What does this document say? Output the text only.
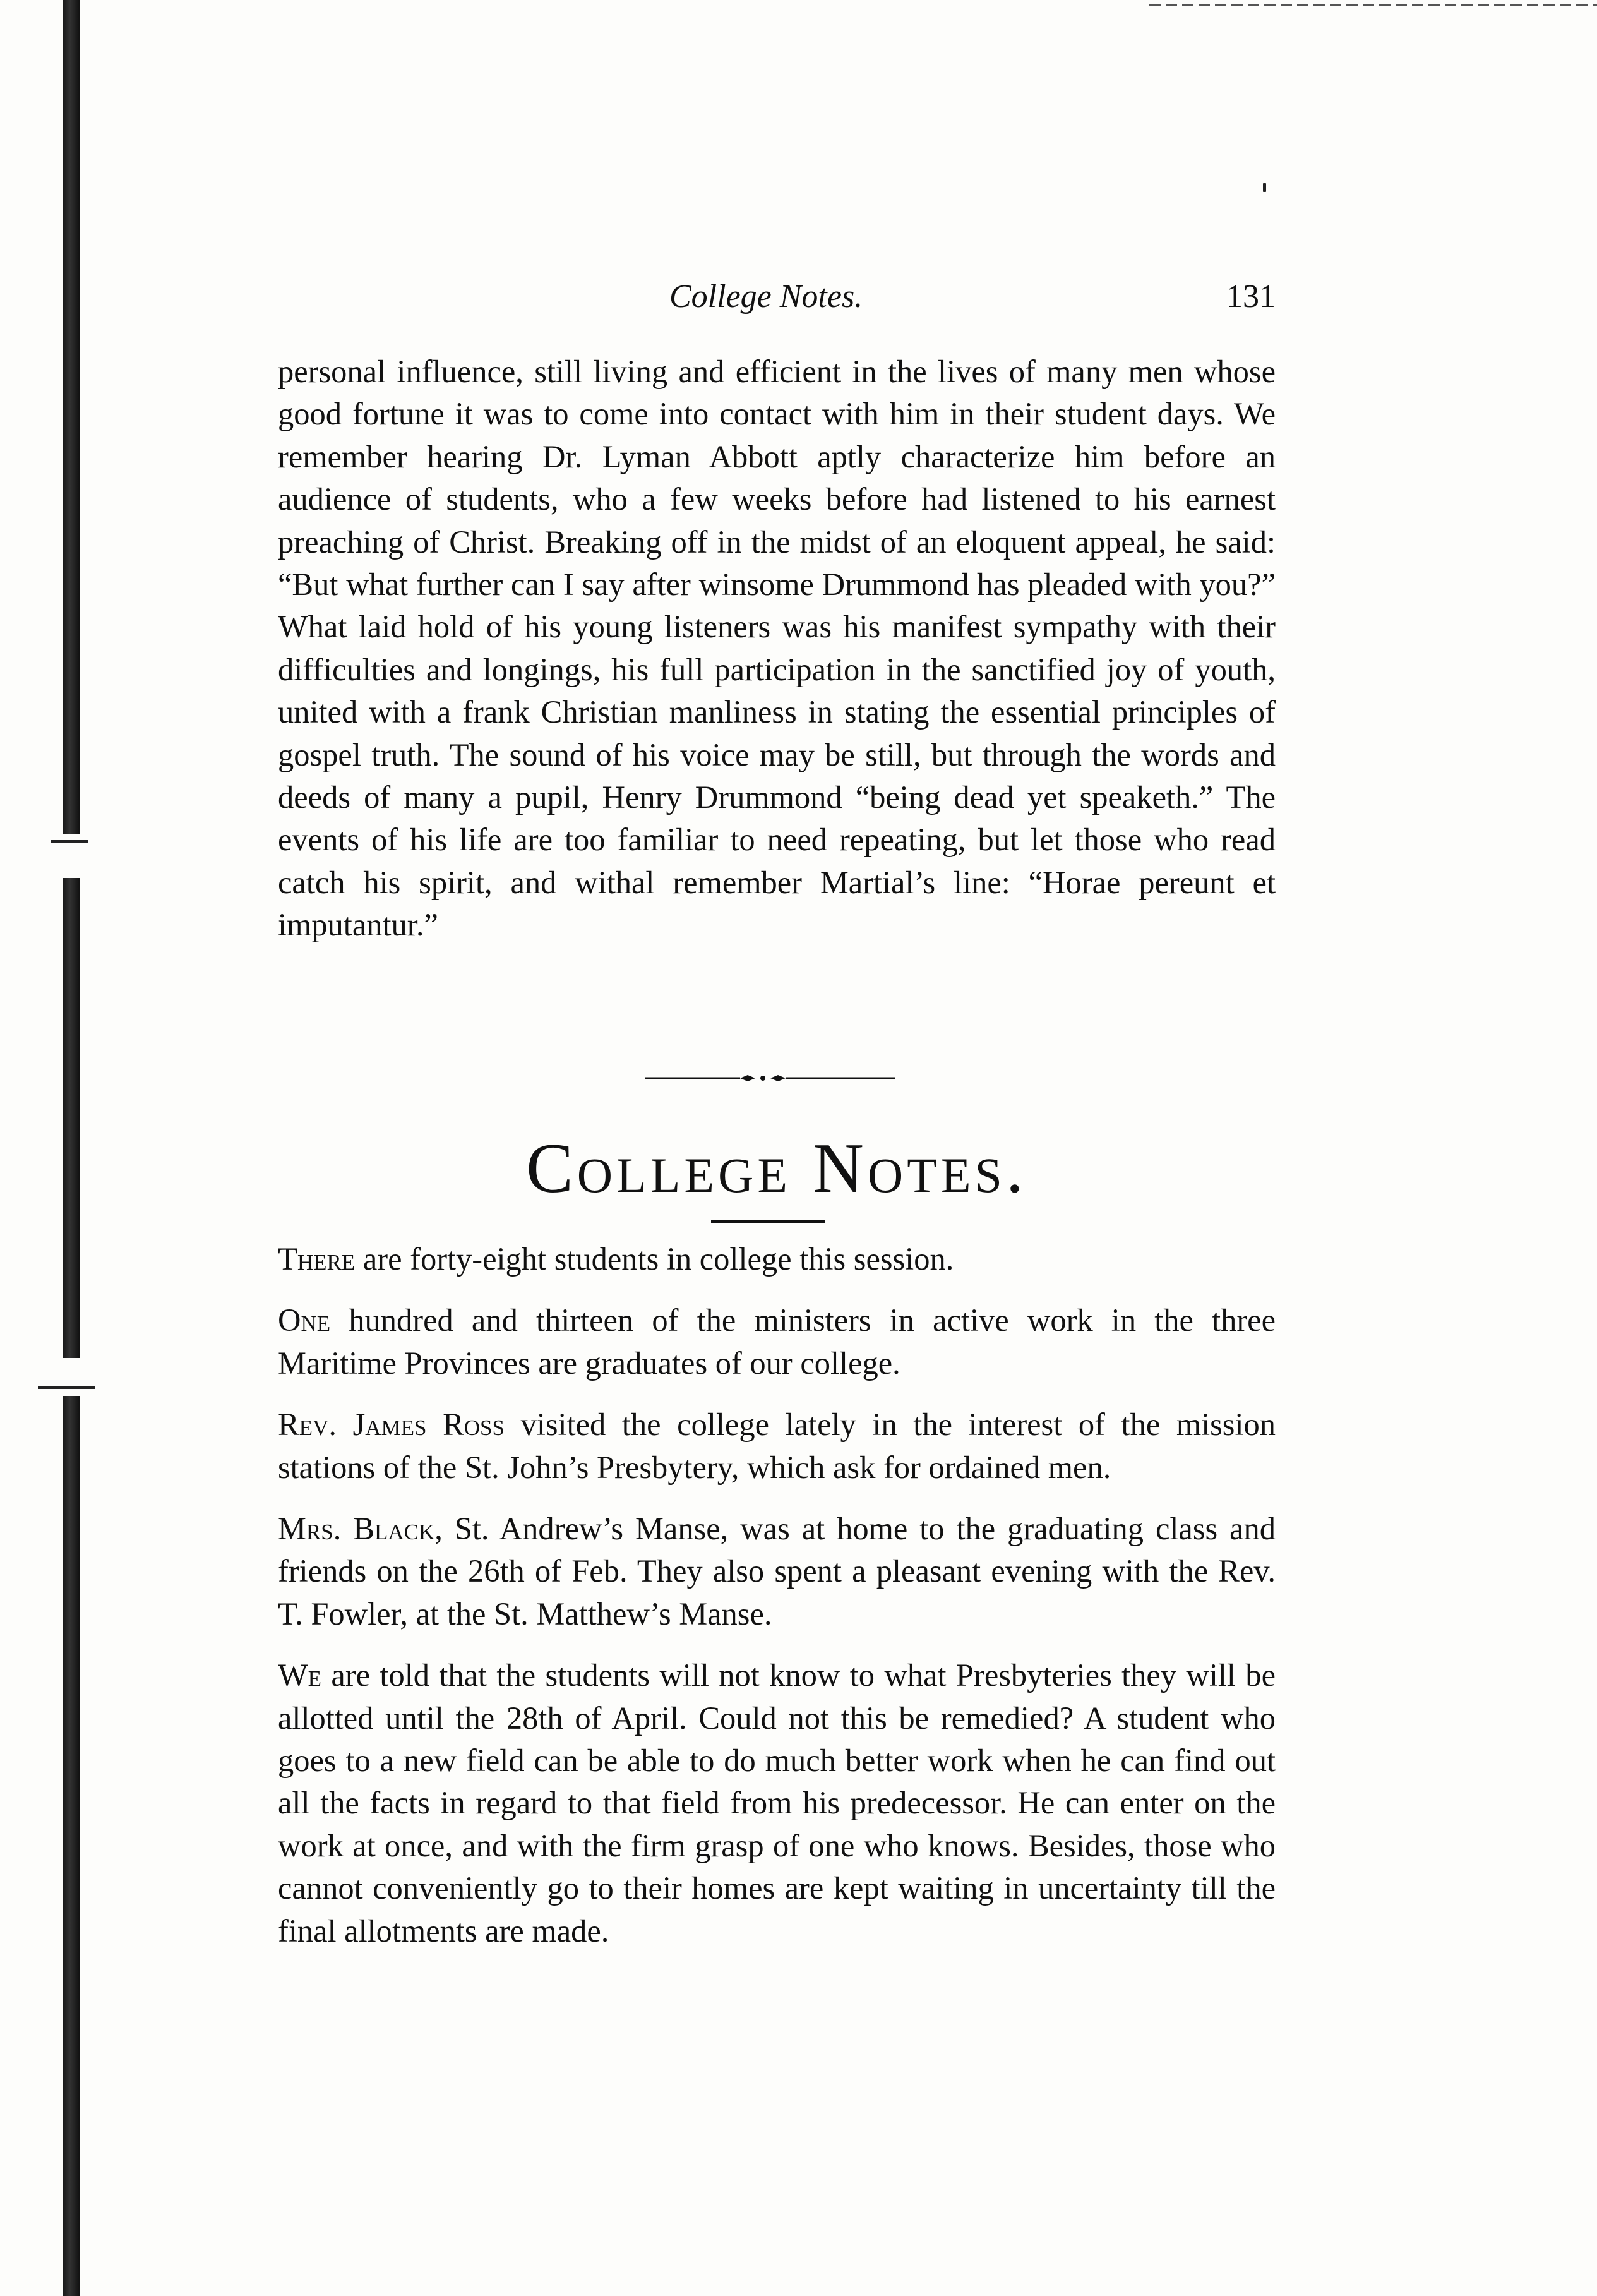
College Notes.	131

personal influence, still living and efficient in the lives of many men whose good fortune it was to come into contact with him in their student days. We remember hearing Dr. Lyman Abbott aptly characterize him before an audience of students, who a few weeks before had listened to his earnest preaching of Christ. Breaking off in the midst of an eloquent appeal, he said: “But what further can I say after winsome Drummond has pleaded with you?” What laid hold of his young listeners was his manifest sympathy with their difficulties and longings, his full participation in the sanctified joy of youth, united with a frank Christian manliness in stating the essential principles of gospel truth. The sound of his voice may be still, but through the words and deeds of many a pupil, Henry Drummond “being dead yet speaketh.” The events of his life are too familiar to need repeating, but let those who read catch his spirit, and withal remember Martial’s line: “Horae pereunt et imputantur.”

College Notes.

There are forty-eight students in college this session.

One hundred and thirteen of the ministers in active work in the three Maritime Provinces are graduates of our college.

Rev. James Ross visited the college lately in the interest of the mission stations of the St. John’s Presbytery, which ask for ordained men.

Mrs. Black, St. Andrew’s Manse, was at home to the graduating class and friends on the 26th of Feb. They also spent a pleasant evening with the Rev. T. Fowler, at the St. Matthew’s Manse.

We are told that the students will not know to what Presbyteries they will be allotted until the 28th of April. Could not this be remedied? A student who goes to a new field can be able to do much better work when he can find out all the facts in regard to that field from his predecessor. He can enter on the work at once, and with the firm grasp of one who knows. Besides, those who cannot conveniently go to their homes are kept waiting in uncertainty till the final allotments are made.
